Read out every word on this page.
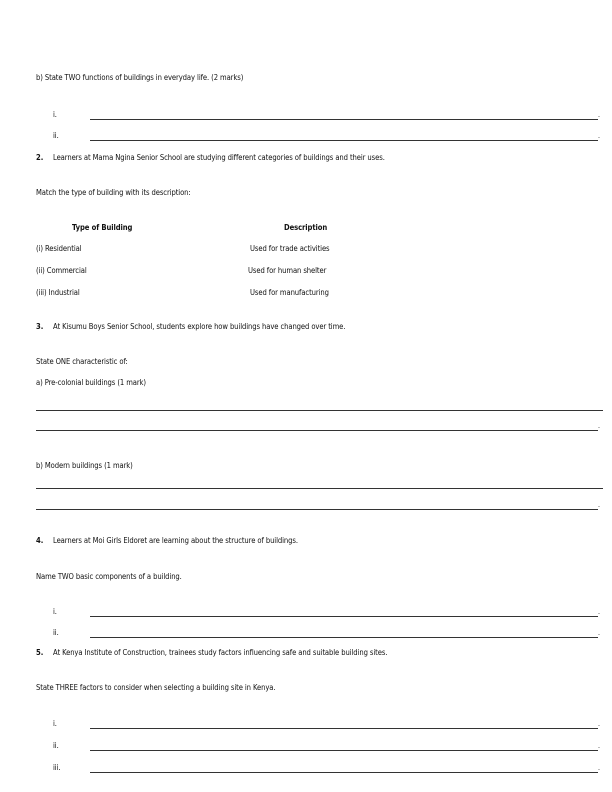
b) State TWO functions of buildings in everyday life. (2 marks)
i.	.
ii.	.
2. Learners at Mama Ngina Senior School are studying different categories of buildings and their uses.
Match the type of building with its description:
Type of Building	Description
(i) Residential	Used for trade activities
(ii) Commercial	Used for human shelter
(iii) Industrial	Used for manufacturing
3. At Kisumu Boys Senior School, students explore how buildings have changed over time.
State ONE characteristic of:
a) Pre-colonial buildings (1 mark)
.
b) Modern buildings (1 mark)
.
4. Learners at Moi Girls Eldoret are learning about the structure of buildings.
Name TWO basic components of a building.
i.	.
ii.	.
5. At Kenya Institute of Construction, trainees study factors influencing safe and suitable building sites.
State THREE factors to consider when selecting a building site in Kenya.
i.	.
ii.	.
iii.	.
